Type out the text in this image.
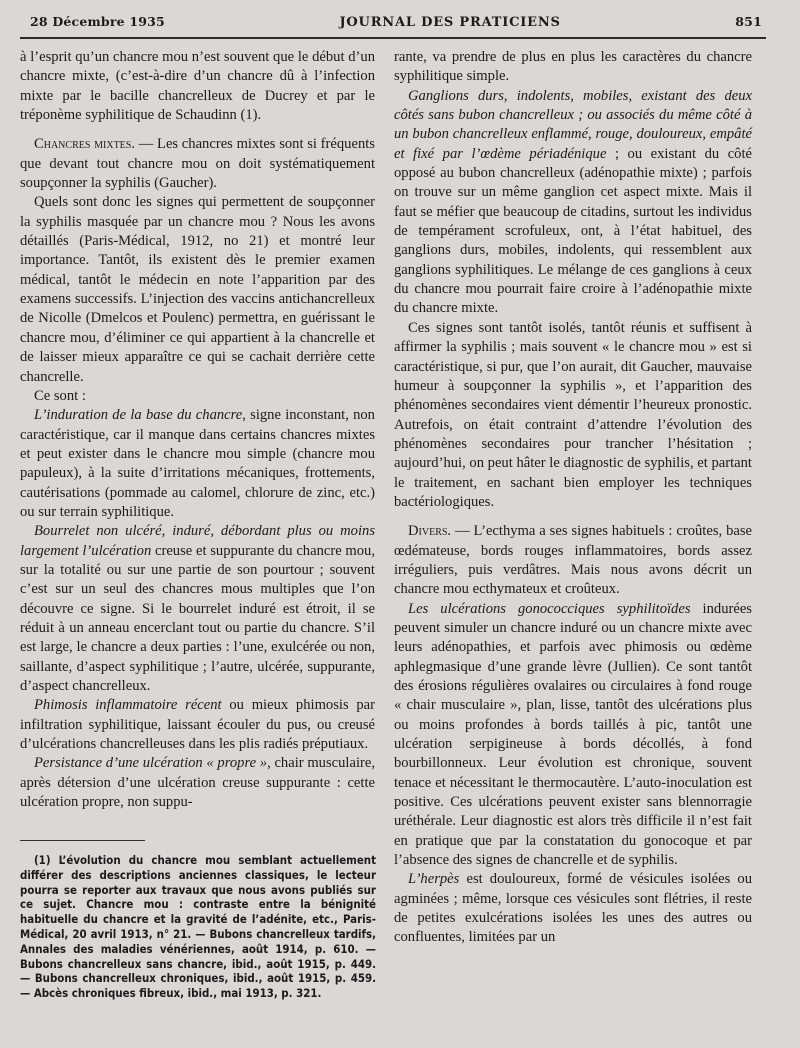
28 Décembre 1935	JOURNAL DES PRATICIENS	851

à l’esprit qu’un chancre mou n’est souvent que le début d’un chancre mixte, (c’est-à-dire d’un chancre dû à l’infection mixte par le bacille chancrelleux de Ducrey et par le tréponème syphilitique de Schaudinn (1).

Chancres mixtes. — Les chancres mixtes sont si fréquents que devant tout chancre mou on doit systématiquement soupçonner la syphilis (Gaucher).

Quels sont donc les signes qui permettent de soupçonner la syphilis masquée par un chancre mou ? Nous les avons détaillés (Paris-Médical, 1912, no 21) et montré leur importance. Tantôt, ils existent dès le premier examen médical, tantôt le médecin en note l’apparition par des examens successifs. L’injection des vaccins antichancrelleux de Nicolle (Dmelcos et Poulenc) permettra, en guérissant le chancre mou, d’éliminer ce qui appartient à la chancrelle et de laisser mieux apparaître ce qui se cachait derrière cette chancrelle.

Ce sont :

L’induration de la base du chancre, signe inconstant, non caractéristique, car il manque dans certains chancres mixtes et peut exister dans le chancre mou simple (chancre mou papuleux), à la suite d’irritations mécaniques, frottements, cautérisations (pommade au calomel, chlorure de zinc, etc.) ou sur terrain syphilitique.

Bourrelet non ulcéré, induré, débordant plus ou moins largement l’ulcération creuse et suppurante du chancre mou, sur la totalité ou sur une partie de son pourtour ; souvent c’est sur un seul des chancres mous multiples que l’on découvre ce signe. Si le bourrelet induré est étroit, il se réduit à un anneau encerclant tout ou partie du chancre. S’il est large, le chancre a deux parties : l’une, exulcérée ou non, saillante, d’aspect syphilitique ; l’autre, ulcérée, suppurante, d’aspect chancrelleux.

Phimosis inflammatoire récent ou mieux phimosis par infiltration syphilitique, laissant écouler du pus, ou creusé d’ulcérations chancrelleuses dans les plis radiés préputiaux.

Persistance d’une ulcération « propre », chair musculaire, après détersion d’une ulcération creuse suppurante : cette ulcération propre, non suppu-

(1) L’évolution du chancre mou semblant actuellement différer des descriptions anciennes classiques, le lecteur pourra se reporter aux travaux que nous avons publiés sur ce sujet. Chancre mou : contraste entre la bénignité habituelle du chancre et la gravité de l’adénite, etc., Paris-Médical, 20 avril 1913, n° 21. — Bubons chancrelleux tardifs, Annales des maladies vénériennes, août 1914, p. 610. — Bubons chancrelleux sans chancre, ibid., août 1915, p. 449. — Bubons chancrelleux chroniques, ibid., août 1915, p. 459. — Abcès chroniques fibreux, ibid., mai 1913, p. 321.

rante, va prendre de plus en plus les caractères du chancre syphilitique simple.

Ganglions durs, indolents, mobiles, existant des deux côtés sans bubon chancrelleux ; ou associés du même côté à un bubon chancrelleux enflammé, rouge, douloureux, empâté et fixé par l’œdème périadénique ; ou existant du côté opposé au bubon chancrelleux (adénopathie mixte) ; parfois on trouve sur un même ganglion cet aspect mixte. Mais il faut se méfier que beaucoup de citadins, surtout les individus de tempérament scrofuleux, ont, à l’état habituel, des ganglions durs, mobiles, indolents, qui ressemblent aux ganglions syphilitiques. Le mélange de ces ganglions à ceux du chancre mou pourrait faire croire à l’adénopathie mixte du chancre mixte.

Ces signes sont tantôt isolés, tantôt réunis et suffisent à affirmer la syphilis ; mais souvent « le chancre mou » est si caractéristique, si pur, que l’on aurait, dit Gaucher, mauvaise humeur à soupçonner la syphilis », et l’apparition des phénomènes secondaires vient démentir l’heureux pronostic. Autrefois, on était contraint d’attendre l’évolution des phénomènes secondaires pour trancher l’hésitation ; aujourd’hui, on peut hâter le diagnostic de syphilis, et partant le traitement, en sachant bien employer les techniques bactériologiques.

Divers. — L’ecthyma a ses signes habituels : croûtes, base œdémateuse, bords rouges inflammatoires, bords assez irréguliers, puis verdâtres. Mais nous avons décrit un chancre mou ecthymateux et croûteux.

Les ulcérations gonococciques syphilitoïdes indurées peuvent simuler un chancre induré ou un chancre mixte avec leurs adénopathies, et parfois avec phimosis ou œdème aphlegmasique d’une grande lèvre (Jullien). Ce sont tantôt des érosions régulières ovalaires ou circulaires à fond rouge « chair musculaire », plan, lisse, tantôt des ulcérations plus ou moins profondes à bords taillés à pic, tantôt une ulcération serpigineuse à bords décollés, à fond bourbillonneux. Leur évolution est chronique, souvent tenace et nécessitant le thermocautère. L’auto-inoculation est positive. Ces ulcérations peuvent exister sans blennorragie uréthérale. Leur diagnostic est alors très difficile il n’est fait en pratique que par la constatation du gonocoque et par l’absence des signes de chancrelle et de syphilis.

L’herpès est douloureux, formé de vésicules isolées ou agminées ; même, lorsque ces vésicules sont flétries, il reste de petites exulcérations isolées les unes des autres ou confluentes, limitées par un
